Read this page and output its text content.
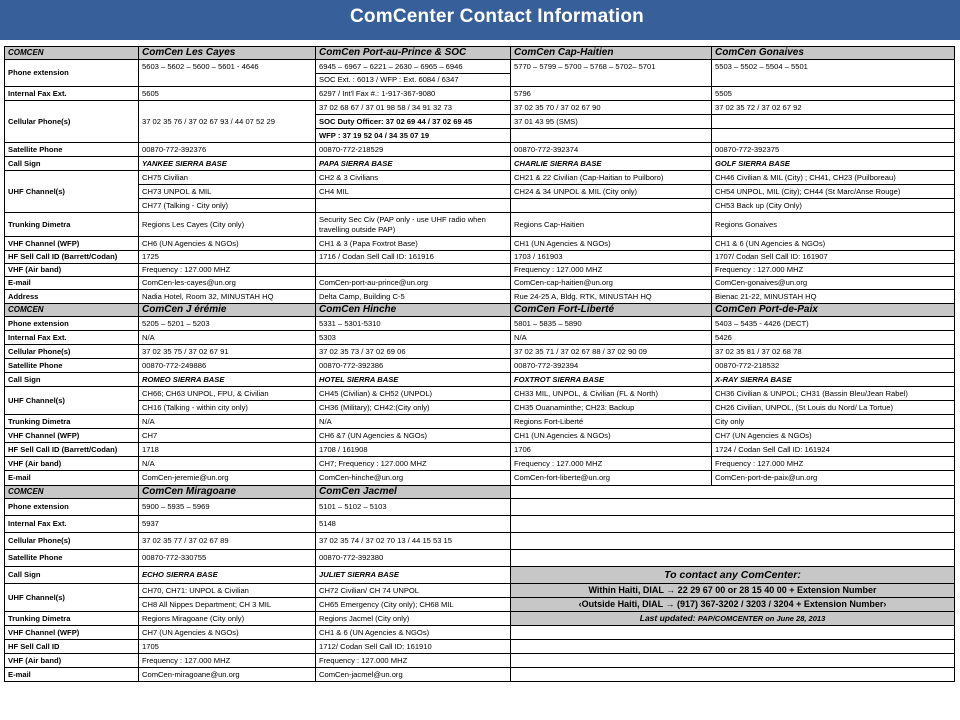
ComCenter Contact Information
COMCEN	ComCen Les Cayes	ComCen Port-au-Prince & SOC	ComCen Cap-Haitien	ComCen Gonaives
Phone extension	5603 – 5602 – 5600 – 5601 - 4646	6945 – 6967 – 6221 – 2630 – 6965 – 6946	5770 – 5799 – 5700 – 5768 – 5702– 5701	5503 – 5502 – 5504 – 5501
		SOC Ext. : 6013 / WFP : Ext. 6084 / 6347		
Internal Fax Ext.	5605	6297 / Int'l Fax #.: 1-917-367-9080	5796	5505
Cellular Phone(s)	37 02 35 76 / 37 02 67 93 / 44 07 52 29	37 02 68 67 / 37 01 98 58 / 34 91 32 73	37 02 35 70 / 37 02 67 90	37 02 35 72 / 37 02 67 92
		SOC Duty Officer: 37 02 69 44 / 37 02 69 45	37 01 43 95 (SMS)	
		WFP : 37 19 52 04 / 34 35 07 19		
Satellite Phone	00870-772-392376	00870-772-218529	00870-772-392374	00870-772-392375
Call Sign	YANKEE SIERRA BASE	PAPA SIERRA BASE	CHARLIE SIERRA BASE	GOLF SIERRA BASE
UHF Channel(s)	CH75 Civilian	CH2 & 3 Civilians	CH21 & 22 Civilian (Cap-Haitian to Puilboro)	CH46 Civilian & MIL (City) ; CH41, CH23 (Puilboreau)
	CH73 UNPOL & MIL	CH4 MIL	CH24 & 34 UNPOL & MIL (City only)	CH54 UNPOL, MIL (City); CH44 (St Marc/Anse Rouge)
	CH77 (Talking - City only)			CH53 Back up (City Only)
Trunking Dimetra	Regions Les Cayes (City only)	Security Sec Civ (PAP only - use UHF radio when
travelling outside PAP)	Regions Cap-Haitien	Regions Gonaives
VHF Channel (WFP)	CH6 (UN Agencies & NGOs)	CH1 & 3 (Papa Foxtrot Base)	CH1 (UN Agencies & NGOs)	CH1 & 6 (UN Agencies & NGOs)
HF Sell Call ID (Barrett/Codan)	1725	1716 / Codan Sell Call ID: 161916	1703 / 161903	1707/ Codan Sell Call ID: 161907
VHF (Air band)	Frequency : 127.000 MHZ		Frequency : 127.000 MHZ	Frequency : 127.000 MHZ
E-mail	ComCen-les-cayes@un.org	ComCen-port-au-prince@un.org	ComCen-cap-haitien@un.org	ComCen-gonaives@un.org
Address	Nadia Hotel, Room 32, MINUSTAH HQ	Delta Camp, Building C-5	Rue 24-25 A, Bldg. RTK, MINUSTAH HQ	Bienac 21-22, MINUSTAH HQ
COMCEN	ComCen J érémie	ComCen Hinche	ComCen Fort-Liberté	ComCen Port-de-Paix
Phone extension	5205 – 5201 – 5203	5331 – 5301-5310	5801 – 5835 – 5890	5403 – 5435 - 4426 (DECT)
Internal Fax Ext.	N/A	5303	N/A	5426
Cellular Phone(s)	37 02 35 75 / 37 02 67 91	37 02 35 73 / 37 02 69 06	37 02 35 71 / 37 02 67 88 / 37 02 90 09	37 02 35 81 / 37 02 68 78
Satellite Phone	00870-772-249886	00870-772-392386	00870-772-392394	00870-772-218532
Call Sign	ROMEO SIERRA BASE	HOTEL SIERRA BASE	FOXTROT SIERRA BASE	X-RAY SIERRA BASE
UHF Channel(s)	CH66; CH63 UNPOL, FPU, & Civilian	CH45 (Civilian) & CH52 (UNPOL)	CH33 MIL, UNPOL, & Civilian (FL & North)	CH36 Civilian & UNPOL; CH31 (Bassin Bleu/Jean Rabel)
	CH16 (Talking - within city only)	CH36 (Military); CH42:(City only)	CH35 Ouanaminthe; CH23: Backup	CH26 Civilian, UNPOL, (St Louis du Nord/ La Tortue)
Trunking Dimetra	N/A	N/A	Regions Fort-Liberté	City only
VHF Channel (WFP)	CH7	CH6 &7 (UN Agencies & NGOs)	CH1 (UN Agencies & NGOs)	CH7 (UN Agencies & NGOs)
HF Sell Call ID (Barrett/Codan)	1718	1708 / 161908	1706	1724 / Codan Sell Call ID: 161924
VHF (Air band)	N/A	CH7; Frequency : 127.000 MHZ	Frequency : 127.000 MHZ	Frequency : 127.000 MHZ
E-mail	ComCen-jeremie@un.org	ComCen-hinche@un.org	ComCen-fort-liberte@un.org	ComCen-port-de-paix@un.org
COMCEN	ComCen Miragoane	ComCen Jacmel		
Phone extension	5900 – 5935 – 5969	5101 – 5102 – 5103		
Internal Fax Ext.	5937	5148		
Cellular Phone(s)	37 02 35 77 / 37 02 67 89	37 02 35 74 / 37 02 70 13 / 44 15 53 15		
Satellite Phone	00870-772-330755	00870-772-392380		
Call Sign	ECHO SIERRA BASE	JULIET SIERRA BASE	To contact any ComCenter:	
UHF Channel(s)	CH70, CH71: UNPOL & Civilian	CH72 Civilian/ CH 74 UNPOL	Within Haiti, DIAL → 22 29 67 00 or 28 15 40 00 + Extension Number	
	CH8 All Nippes Department; CH 3 MIL	CH65 Emergency (City only); CH68 MIL	‹Outside Haiti, DIAL → (917) 367-3202 / 3203 / 3204 + Extension Number›	
Trunking Dimetra	Regions Miragoane (City only)	Regions Jacmel (City only)	Last updated: PAP/COMCENTER on June 28, 2013	
VHF Channel (WFP)	CH7 (UN Agencies & NGOs)	CH1 & 6 (UN Agencies & NGOs)		
HF Sell Call ID	1705	1712/ Codan Sell Call ID: 161910		
VHF (Air band)	Frequency : 127.000 MHZ	Frequency : 127.000 MHZ		
E-mail	ComCen-miragoane@un.org	ComCen-jacmel@un.org		
